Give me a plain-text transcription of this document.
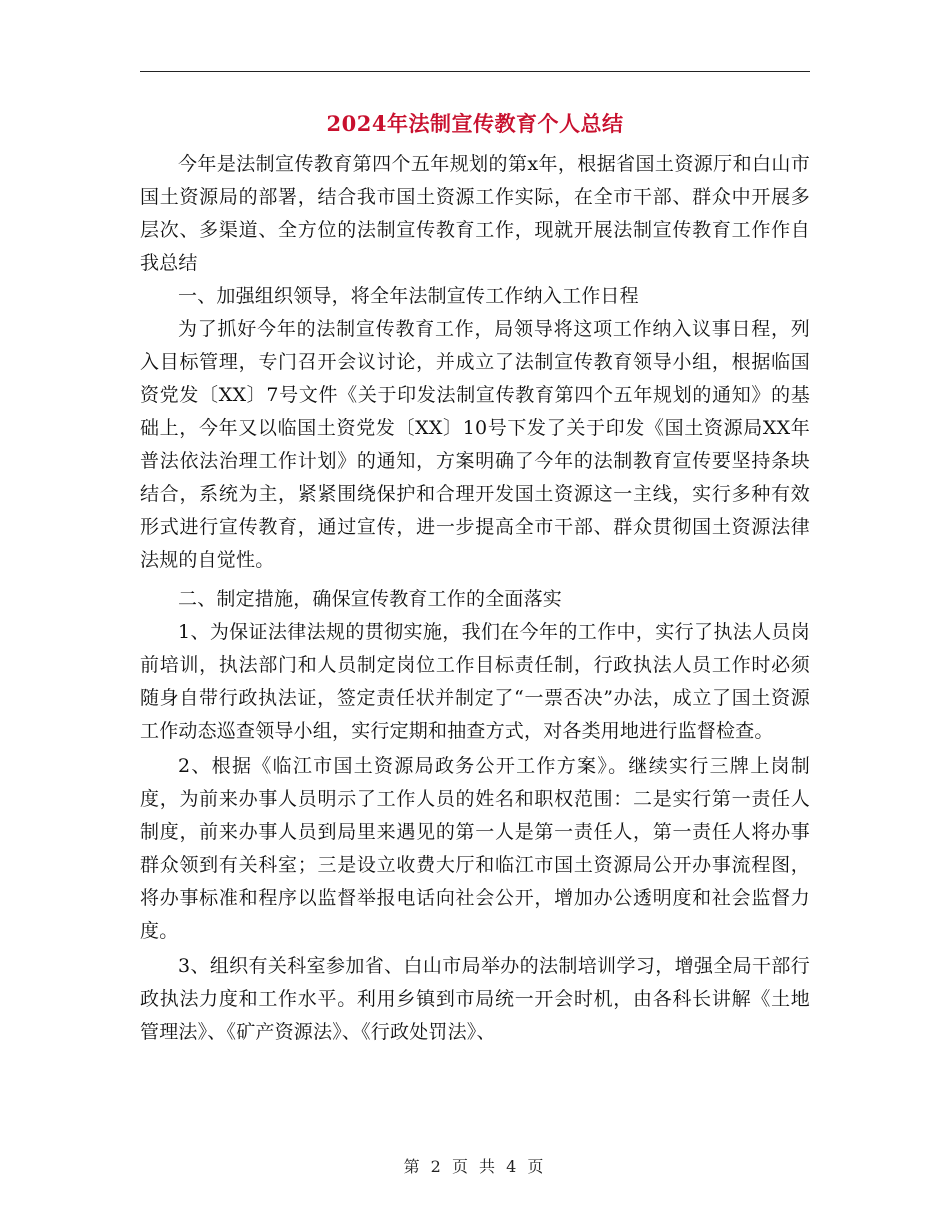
2024年法制宣传教育个人总结

今年是法制宣传教育第四个五年规划的第x年，根据省国土资源厅和白山市国土资源局的部署，结合我市国土资源工作实际，在全市干部、群众中开展多层次、多渠道、全方位的法制宣传教育工作，现就开展法制宣传教育工作作自我总结

一、加强组织领导，将全年法制宣传工作纳入工作日程

为了抓好今年的法制宣传教育工作，局领导将这项工作纳入议事日程，列入目标管理，专门召开会议讨论，并成立了法制宣传教育领导小组，根据临国资党发〔XX〕7号文件《关于印发法制宣传教育第四个五年规划的通知》的基础上，今年又以临国土资党发〔XX〕10号下发了关于印发《国土资源局XX年普法依法治理工作计划》的通知，方案明确了今年的法制教育宣传要坚持条块结合，系统为主，紧紧围绕保护和合理开发国土资源这一主线，实行多种有效形式进行宣传教育，通过宣传，进一步提高全市干部、群众贯彻国土资源法律法规的自觉性。

二、制定措施，确保宣传教育工作的全面落实

1、为保证法律法规的贯彻实施，我们在今年的工作中，实行了执法人员岗前培训，执法部门和人员制定岗位工作目标责任制，行政执法人员工作时必须随身自带行政执法证，签定责任状并制定了“一票否决”办法，成立了国土资源工作动态巡查领导小组，实行定期和抽查方式，对各类用地进行监督检查。

2、根据《临江市国土资源局政务公开工作方案》。继续实行三牌上岗制度，为前来办事人员明示了工作人员的姓名和职权范围：二是实行第一责任人制度，前来办事人员到局里来遇见的第一人是第一责任人，第一责任人将办事群众领到有关科室；三是设立收费大厅和临江市国土资源局公开办事流程图，将办事标准和程序以监督举报电话向社会公开，增加办公透明度和社会监督力度。

3、组织有关科室参加省、白山市局举办的法制培训学习，增强全局干部行政执法力度和工作水平。利用乡镇到市局统一开会时机，由各科长讲解《土地管理法》、《矿产资源法》、《行政处罚法》、

第 2 页 共 4 页
